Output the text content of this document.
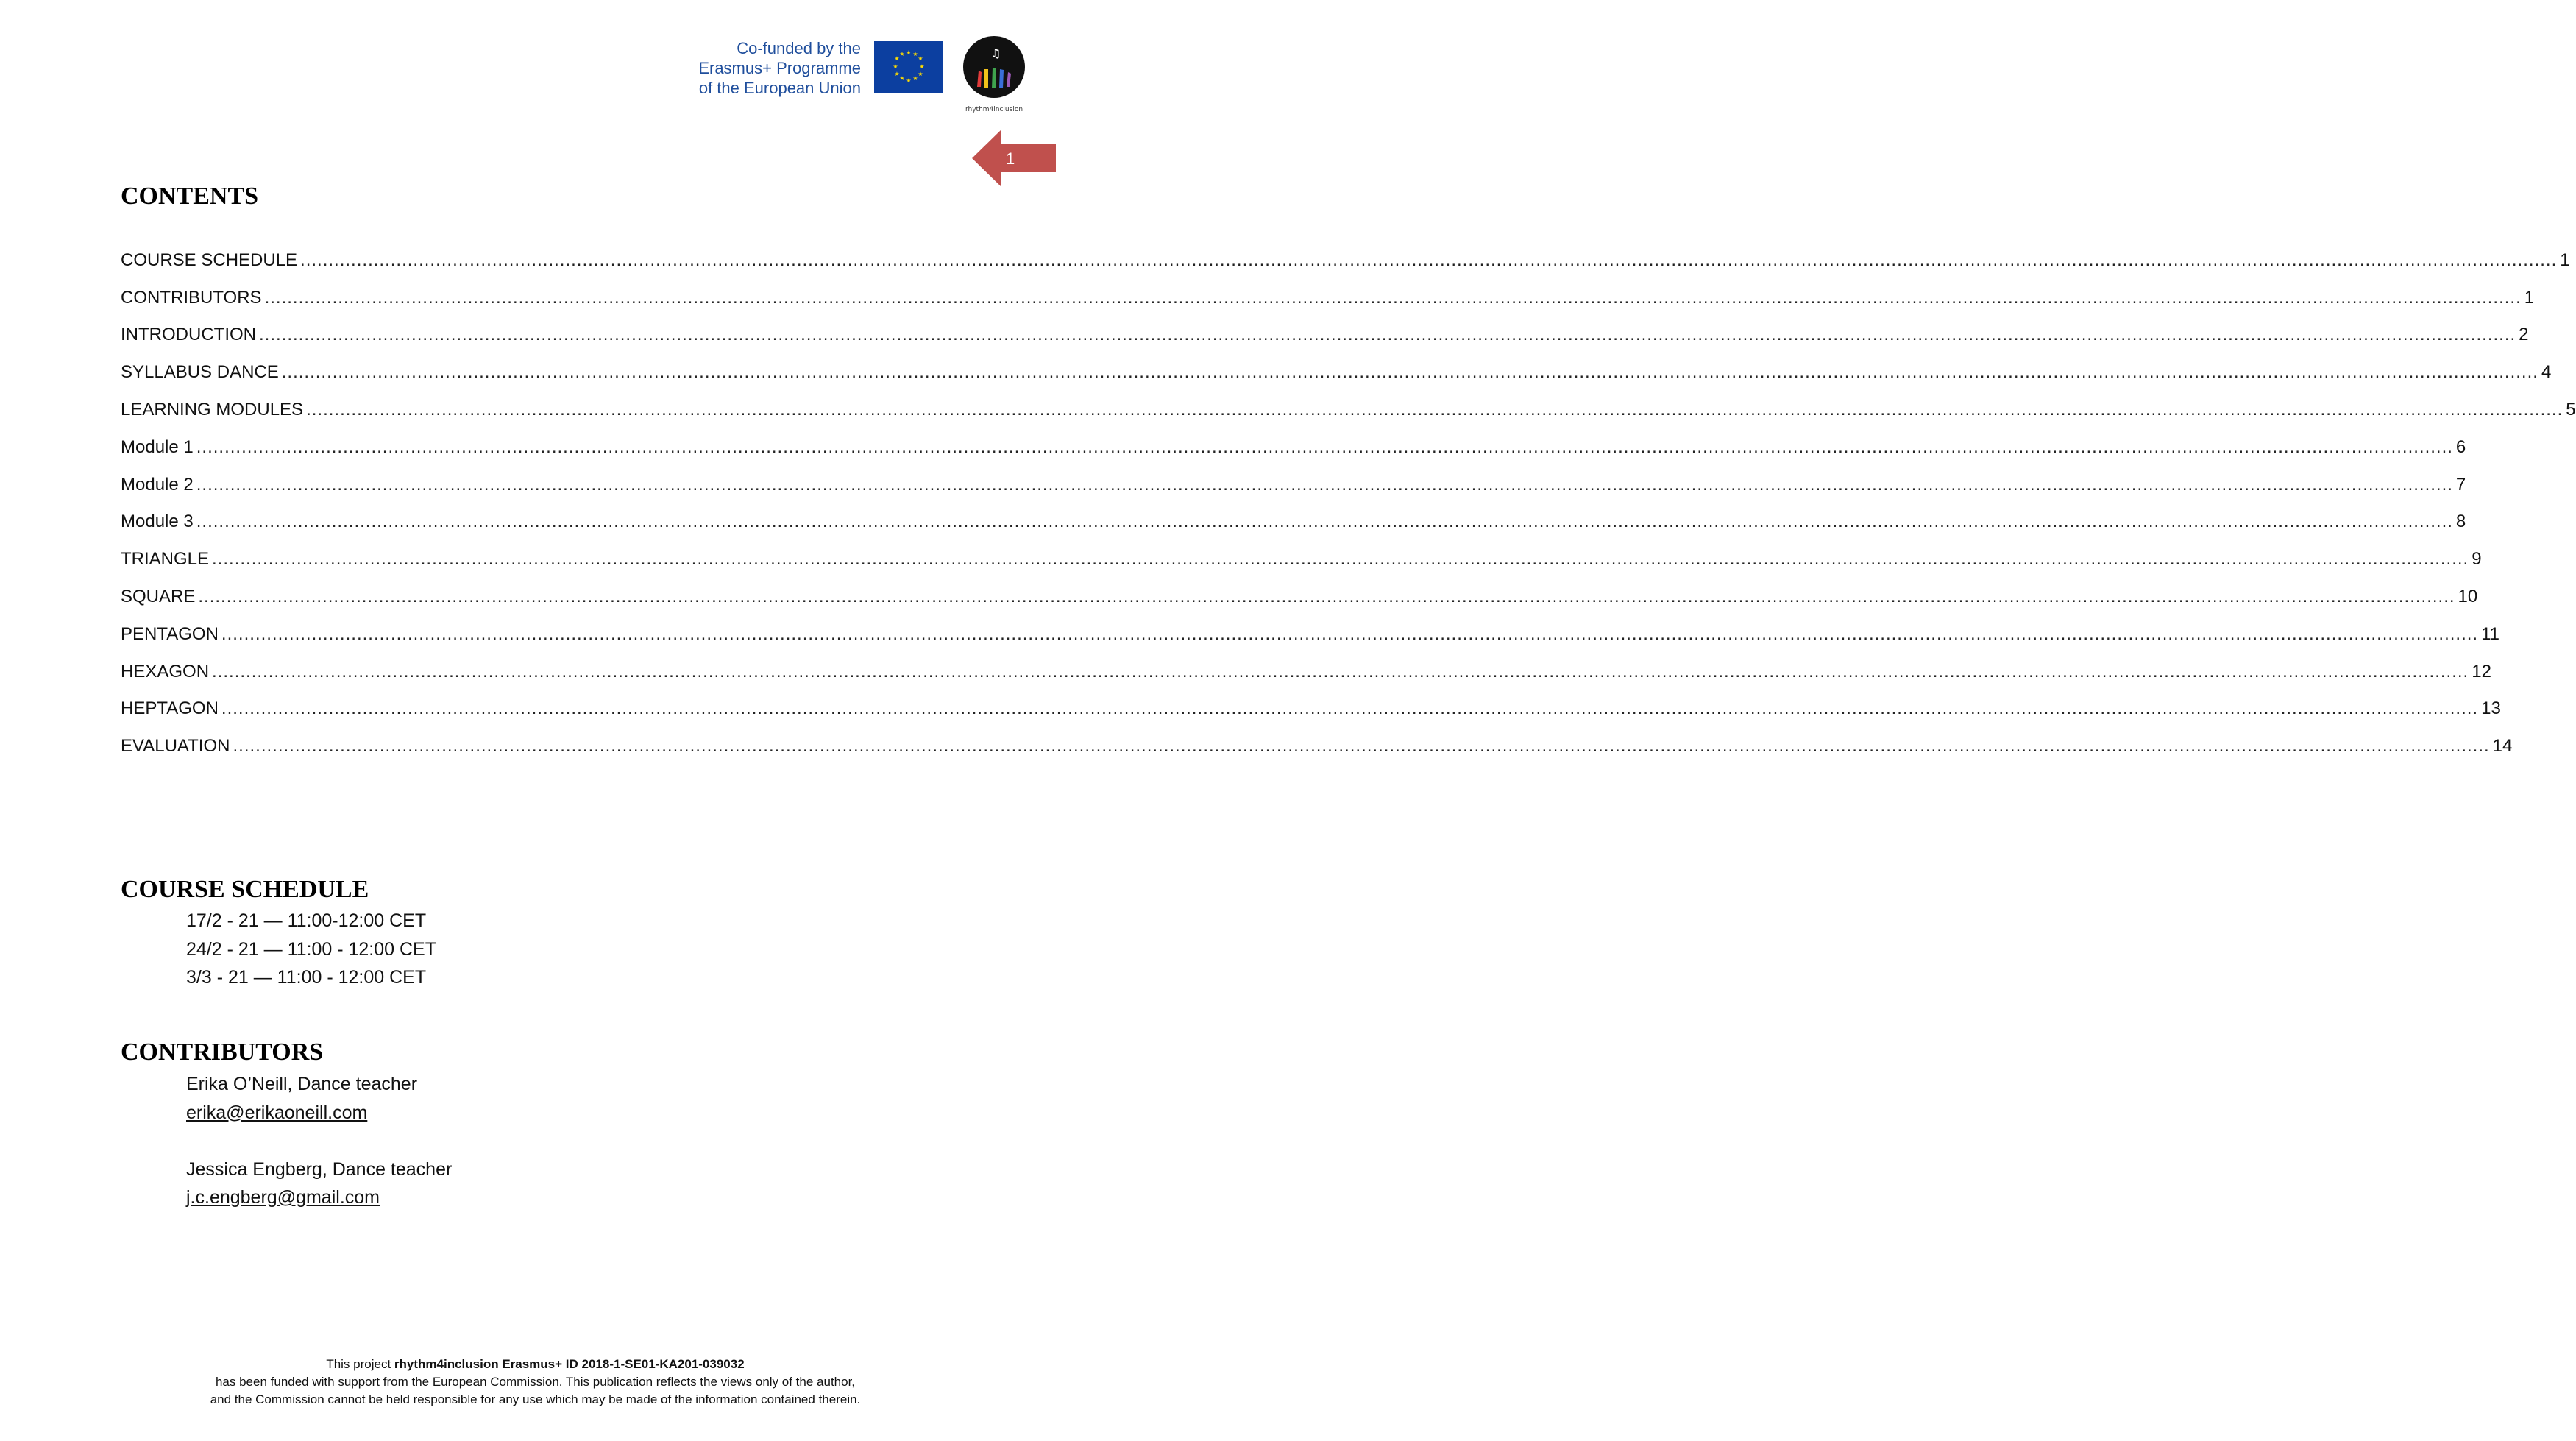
Co-funded by the
Erasmus+ Programme
of the European Union
★ ★
★
★
★
★
★
★
★
★
★
★	♫
rhythm4inclusion
1
CONTENTS
COURSE SCHEDULE ................................................................................................................................................................................................................................................................................................................................................................................................................ 1
CONTRIBUTORS ................................................................................................................................................................................................................................................................................................................................................................................................................ 1
INTRODUCTION ................................................................................................................................................................................................................................................................................................................................................................................................................ 2
SYLLABUS DANCE ................................................................................................................................................................................................................................................................................................................................................................................................................ 4
LEARNING MODULES ................................................................................................................................................................................................................................................................................................................................................................................................................ 5
Module 1 ................................................................................................................................................................................................................................................................................................................................................................................................................ 6
Module 2 ................................................................................................................................................................................................................................................................................................................................................................................................................ 7
Module 3 ................................................................................................................................................................................................................................................................................................................................................................................................................ 8
TRIANGLE ................................................................................................................................................................................................................................................................................................................................................................................................................ 9
SQUARE ................................................................................................................................................................................................................................................................................................................................................................................................................ 10
PENTAGON ................................................................................................................................................................................................................................................................................................................................................................................................................ 11
HEXAGON ................................................................................................................................................................................................................................................................................................................................................................................................................ 12
HEPTAGON ................................................................................................................................................................................................................................................................................................................................................................................................................ 13
EVALUATION ................................................................................................................................................................................................................................................................................................................................................................................................................ 14
COURSE SCHEDULE
17/2 - 21 — 11:00-12:00 CET
24/2 - 21 — 11:00 - 12:00 CET
3/3 - 21 — 11:00 - 12:00 CET
CONTRIBUTORS
Erika O’Neill, Dance teacher
erika@erikaoneill.com
Jessica Engberg, Dance teacher
j.c.engberg@gmail.com
This project rhythm4inclusion Erasmus+ ID 2018-1-SE01-KA201-039032
has been funded with support from the European Commission. This publication reflects the views only of the author,
and the Commission cannot be held responsible for any use which may be made of the information contained therein.
